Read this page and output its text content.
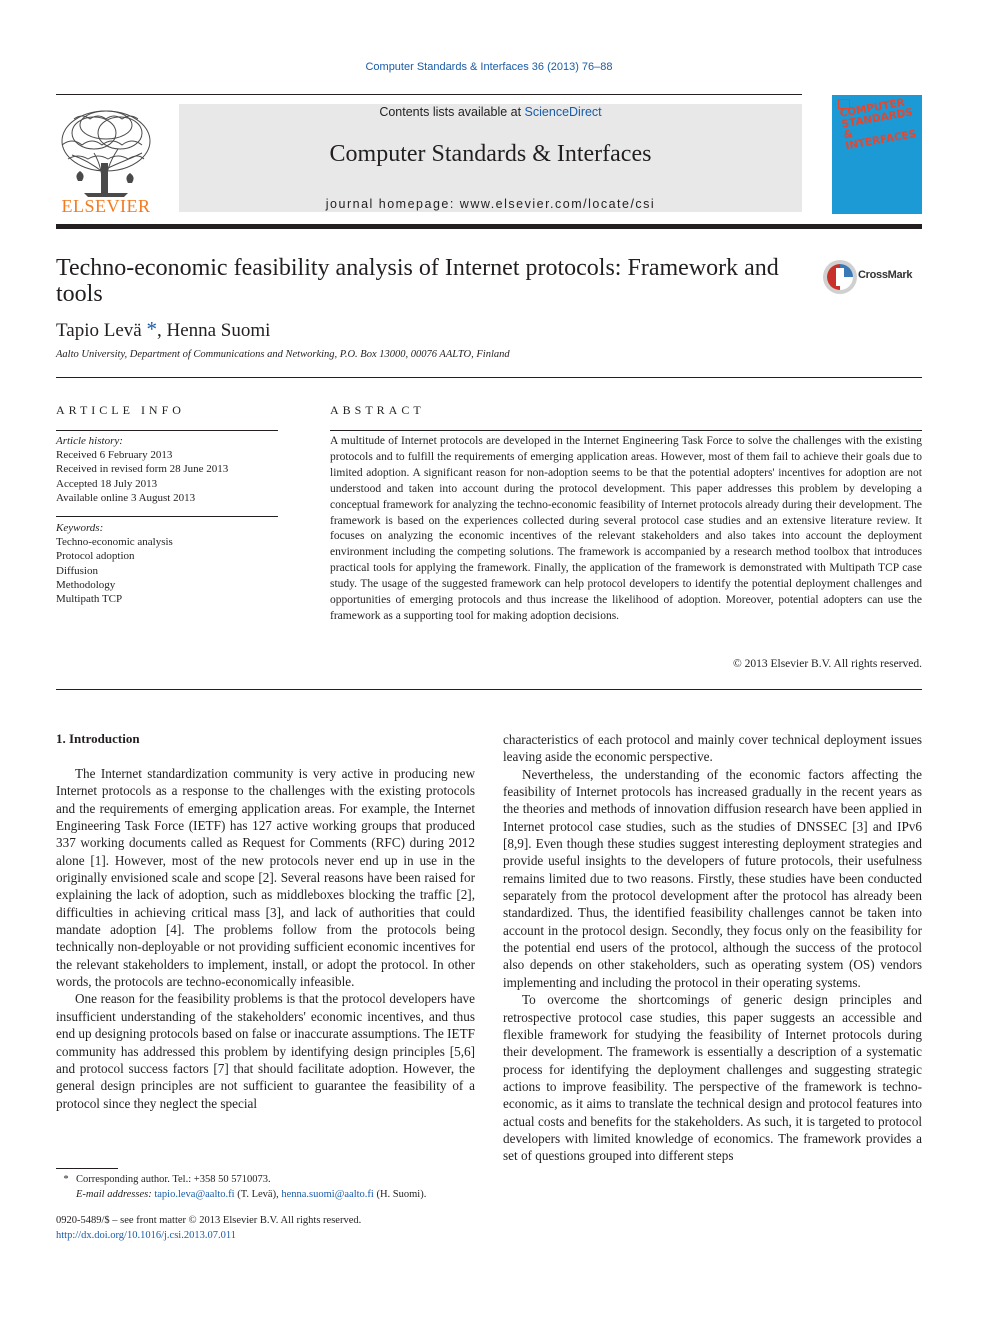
Computer Standards & Interfaces 36 (2013) 76–88
ELSEVIER
Contents lists available at ScienceDirect
Computer Standards & Interfaces
journal homepage: www.elsevier.com/locate/csi
COMPUTER STANDARDS & INTERFACES
Techno-economic feasibility analysis of Internet protocols: Framework and tools
CrossMark
Tapio Levä *, Henna Suomi
Aalto University, Department of Communications and Networking, P.O. Box 13000, 00076 AALTO, Finland
ARTICLE INFO	ABSTRACT
Article history:
Received 6 February 2013
Received in revised form 28 June 2013
Accepted 18 July 2013
Available online 3 August 2013
Keywords:
Techno-economic analysis
Protocol adoption
Diffusion
Methodology
Multipath TCP
A multitude of Internet protocols are developed in the Internet Engineering Task Force to solve the challenges with the existing protocols and to fulfill the requirements of emerging application areas. However, most of them fail to achieve their goals due to limited adoption. A significant reason for non-adoption seems to be that the potential adopters' incentives for adoption are not understood and taken into account during the protocol development. This paper addresses this problem by developing a conceptual framework for analyzing the techno-economic feasibility of Internet protocols already during their development. The framework is based on the experiences collected during several protocol case studies and an extensive literature review. It focuses on analyzing the economic incentives of the relevant stakeholders and also takes into account the deployment environment including the competing solutions. The framework is accompanied by a research method toolbox that introduces practical tools for applying the framework. Finally, the application of the framework is demonstrated with Multipath TCP case study. The usage of the suggested framework can help protocol developers to identify the potential deployment challenges and opportunities of emerging protocols and thus increase the likelihood of adoption. Moreover, potential adopters can use the framework as a supporting tool for making adoption decisions.
© 2013 Elsevier B.V. All rights reserved.
1. Introduction

The Internet standardization community is very active in producing new Internet protocols as a response to the challenges with the existing protocols and the requirements of emerging application areas. For example, the Internet Engineering Task Force (IETF) has 127 active working groups that produced 337 working documents called as Request for Comments (RFC) during 2012 alone [1]. However, most of the new protocols never end up in use in the originally envisioned scale and scope [2]. Several reasons have been raised for explaining the lack of adoption, such as middleboxes blocking the traffic [2], difficulties in achieving critical mass [3], and lack of authorities that could mandate adoption [4]. The problems follow from the protocols being technically non-deployable or not providing sufficient economic incentives for the relevant stakeholders to implement, install, or adopt the protocol. In other words, the protocols are techno-economically infeasible.

One reason for the feasibility problems is that the protocol developers have insufficient understanding of the stakeholders' economic incentives, and thus end up designing protocols based on false or inaccurate assumptions. The IETF community has addressed this problem by identifying design principles [5,6] and protocol success factors [7] that should facilitate adoption. However, the general design principles are not sufficient to guarantee the feasibility of a protocol since they neglect the special

characteristics of each protocol and mainly cover technical deployment issues leaving aside the economic perspective.

Nevertheless, the understanding of the economic factors affecting the feasibility of Internet protocols has increased gradually in the recent years as the theories and methods of innovation diffusion research have been applied in Internet protocol case studies, such as the studies of DNSSEC [3] and IPv6 [8,9]. Even though these studies suggest interesting deployment strategies and provide useful insights to the developers of future protocols, their usefulness remains limited due to two reasons. Firstly, these studies have been conducted separately from the protocol development after the protocol has already been standardized. Thus, the identified feasibility challenges cannot be taken into account in the protocol design. Secondly, they focus only on the feasibility for the potential end users of the protocol, although the success of the protocol also depends on other stakeholders, such as operating system (OS) vendors implementing and including the protocol in their operating systems.

To overcome the shortcomings of generic design principles and retrospective protocol case studies, this paper suggests an accessible and flexible framework for studying the feasibility of Internet protocols during their development. The framework is essentially a description of a systematic process for identifying the deployment challenges and suggesting strategic actions to improve feasibility. The perspective of the framework is techno-economic, as it aims to translate the technical design and protocol features into actual costs and benefits for the stakeholders. As such, it is targeted to protocol developers with limited knowledge of economics. The framework provides a set of questions grouped into different steps

* Corresponding author. Tel.: +358 50 5710073.
E-mail addresses: tapio.leva@aalto.fi (T. Levä), henna.suomi@aalto.fi (H. Suomi).
0920-5489/$ – see front matter © 2013 Elsevier B.V. All rights reserved.
http://dx.doi.org/10.1016/j.csi.2013.07.011
